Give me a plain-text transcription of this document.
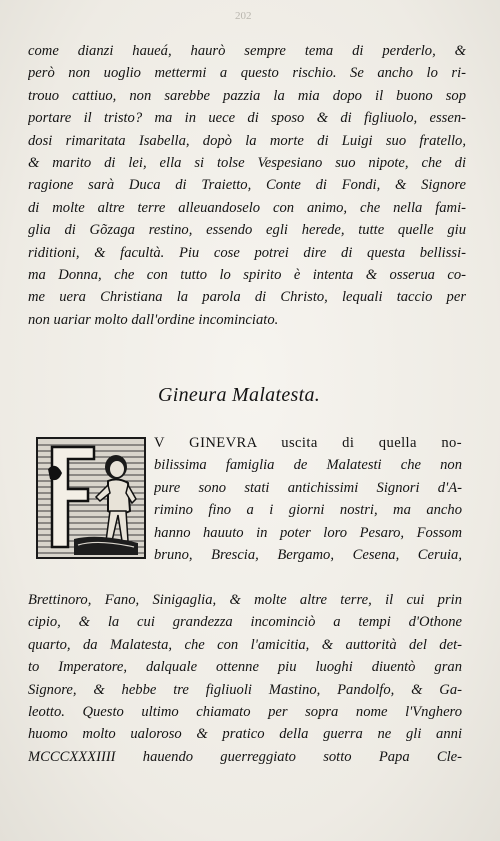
202
come dianzi haueá, haurò sempre tema di perderlo, &
però non uoglio mettermi a questo rischio. Se ancho lo ri-
trouo cattiuo, non sarebbe pazzia la mia dopo il buono sop
portare il tristo? ma in uece di sposo & di figliuolo, essen-
dosi rimaritata Isabella, dopò la morte di Luigi suo fratello,
& marito di lei, ella si tolse Vespesiano suo nipote, che di
ragione sarà Duca di Traietto, Conte di Fondi, & Signore
di molte altre terre alleuandoselo con animo, che nella fami-
glia di Gõzaga restino, essendo egli herede, tutte quelle giu
riditioni, & facultà. Piu cose potrei dire di questa bellissi-
ma Donna, che con tutto lo spirito è intenta & osserua co-
me uera Christiana la parola di Christo, lequali taccio per
non uariar molto dall'ordine incominciato.
Gineura Malatesta.
V GINEVRA uscita di quella no-
bilissima famiglia de Malatesti che non
pure sono stati antichissimi Signori d'A-
rimino fino a i giorni nostri, ma ancho
hanno hauuto in poter loro Pesaro, Fossom
bruno, Brescia, Bergamo, Cesena, Ceruia,
Brettinoro, Fano, Sinigaglia, & molte altre terre, il cui prin
cipio, & la cui grandezza incominciò a tempi d'Othone
quarto, da Malatesta, che con l'amicitia, & auttorità del det-
to Imperatore, dalquale ottenne piu luoghi diuentò gran
Signore, & hebbe tre figliuoli Mastino, Pandolfo, & Ga-
leotto. Questo ultimo chiamato per sopra nome l'Vnghero
huomo molto ualoroso & pratico della guerra ne gli anni
MCCCXXXIIII hauendo guerreggiato sotto Papa Cle-
